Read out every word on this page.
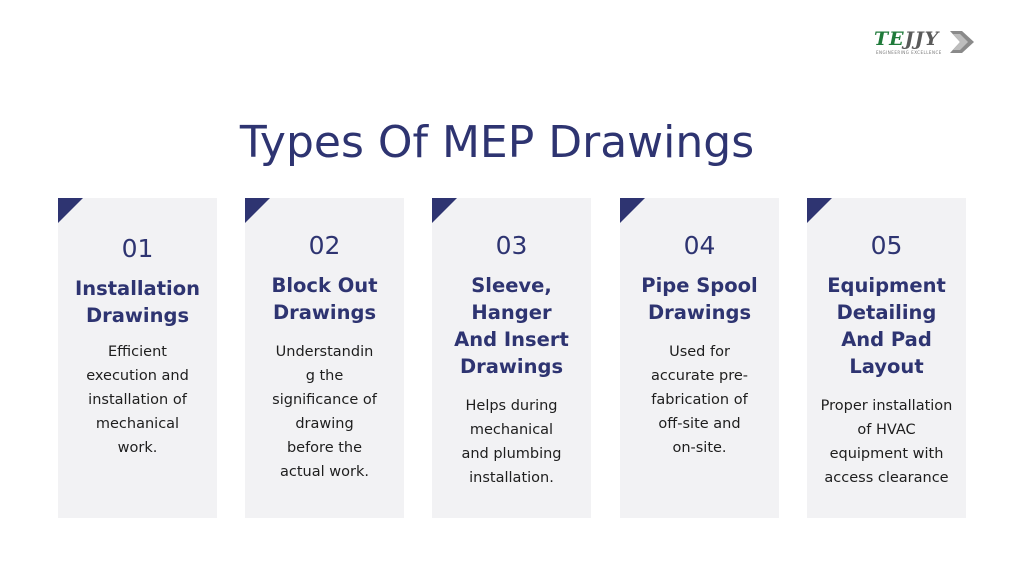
TEJJY
ENGINEERING EXCELLENCE
Types Of MEP Drawings
01
Installation
Drawings
Efficient
execution and
installation of
mechanical
work.
02
Block Out
Drawings
Understandin
g the
significance of
drawing
before the
actual work.
03
Sleeve,
Hanger
And Insert
Drawings
Helps during
mechanical
and plumbing
installation.
04
Pipe Spool
Drawings
Used for
accurate pre-
fabrication of
off-site and
on-site.
05
Equipment
Detailing
And Pad
Layout
Proper installation
of HVAC
equipment with
access clearance
